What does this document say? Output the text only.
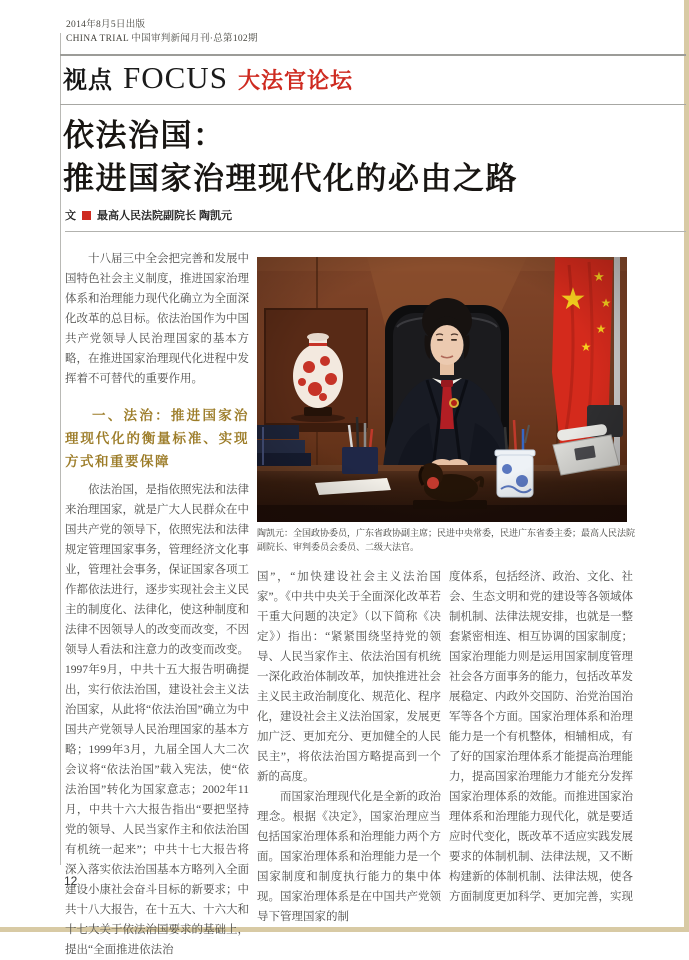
2014年8月5日出版
CHINA TRIAL 中国审判新闻月刊·总第102期
视点 FOCUS 大法官论坛
依法治国：
推进国家治理现代化的必由之路
文 最高人民法院副院长 陶凯元

十八届三中全会把完善和发展中国特色社会主义制度，推进国家治理体系和治理能力现代化确立为全面深化改革的总目标。依法治国作为中国共产党领导人民治理国家的基本方略，在推进国家治理现代化进程中发挥着不可替代的重要作用。

一、法治：推进国家治理现代化的衡量标准、实现方式和重要保障

依法治国，是指依照宪法和法律来治理国家，就是广大人民群众在中国共产党的领导下，依照宪法和法律规定管理国家事务，管理经济文化事业，管理社会事务，保证国家各项工作都依法进行，逐步实现社会主义民主的制度化、法律化，使这种制度和法律不因领导人的改变而改变，不因领导人看法和注意力的改变而改变。1997年9月，中共十五大报告明确提出，实行依法治国，建设社会主义法治国家，从此将“依法治国”确立为中国共产党领导人民治理国家的基本方略；1999年3月，九届全国人大二次会议将“依法治国”载入宪法，使“依法治国”转化为国家意志；2002年11月，中共十六大报告指出“要把坚持党的领导、人民当家作主和依法治国有机统一起来”；中共十七大报告将深入落实依法治国基本方略列入全面建设小康社会奋斗目标的新要求；中共十八大报告，在十五大、十六大和十七大关于依法治国要求的基础上，提出“全面推进依法治

陶凯元：全国政协委员，广东省政协副主席；民进中央常委，民进广东省委主委；最高人民法院副院长、审判委员会委员、二级大法官。

国”，“加快建设社会主义法治国家”。《中共中央关于全面深化改革若干重大问题的决定》（以下简称《决定》）指出：“紧紧围绕坚持党的领导、人民当家作主、依法治国有机统一深化政治体制改革，加快推进社会主义民主政治制度化、规范化、程序化，建设社会主义法治国家，发展更加广泛、更加充分、更加健全的人民民主”，将依法治国方略提高到一个新的高度。

而国家治理现代化是全新的政治理念。根据《决定》，国家治理应当包括国家治理体系和治理能力两个方面。国家治理体系和治理能力是一个国家制度和制度执行能力的集中体现。国家治理体系是在中国共产党领导下管理国家的制

度体系，包括经济、政治、文化、社会、生态文明和党的建设等各领域体制机制、法律法规安排，也就是一整套紧密相连、相互协调的国家制度；国家治理能力则是运用国家制度管理社会各方面事务的能力，包括改革发展稳定、内政外交国防、治党治国治军等各个方面。国家治理体系和治理能力是一个有机整体，相辅相成，有了好的国家治理体系才能提高治理能力，提高国家治理能力才能充分发挥国家治理体系的效能。而推进国家治理体系和治理能力现代化，就是要适应时代变化，既改革不适应实践发展要求的体制机制、法律法规，又不断构建新的体制机制、法律法规，使各方面制度更加科学、更加完善，实现

12
